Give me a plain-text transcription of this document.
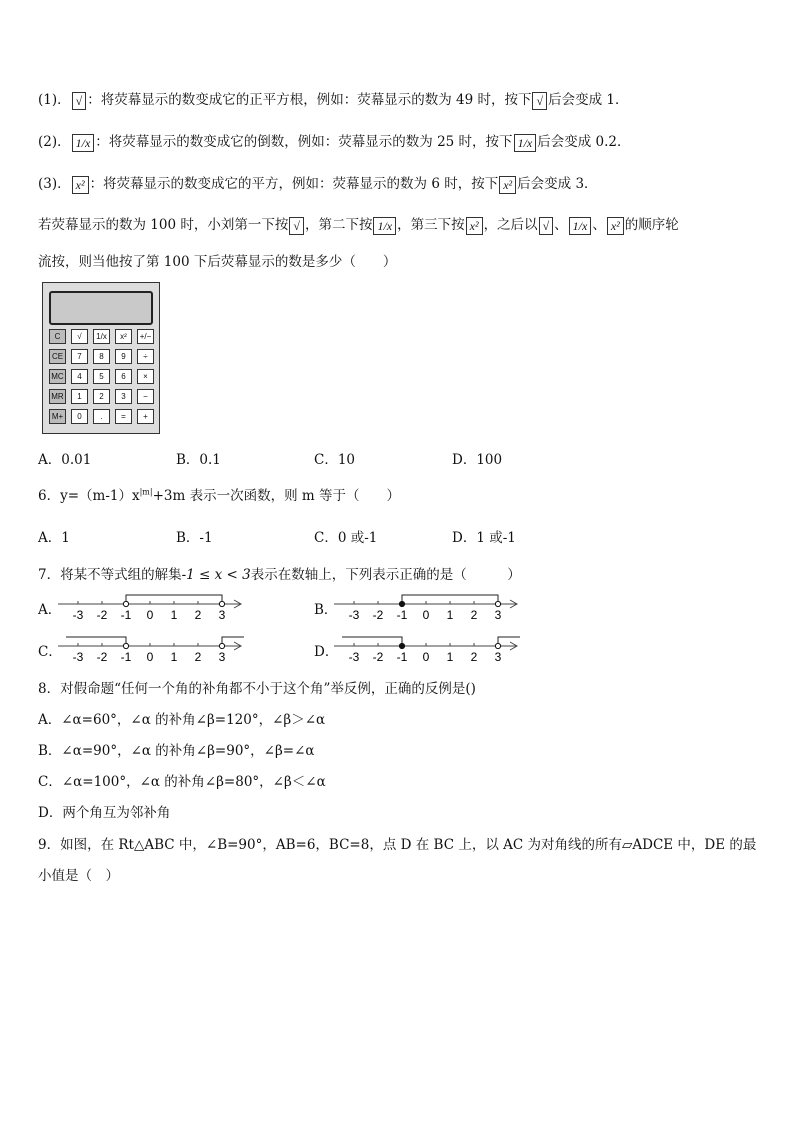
(1)． √ ：将荧幕显示的数变成它的正平方根，例如：荧幕显示的数为 49 时，按下 √ 后会变成 1．
(2)． 1/x ：将荧幕显示的数变成它的倒数，例如：荧幕显示的数为 25 时，按下 1/x 后会变成 0.2．
(3)． x² ：将荧幕显示的数变成它的平方，例如：荧幕显示的数为 6 时，按下 x² 后会变成 3．
若荧幕显示的数为 100 时，小刘第一下按 √ ，第二下按 1/x ，第三下按 x² ，之后以 √ 、 1/x 、 x² 的顺序轮
流按，则当他按了第 100 下后荧幕显示的数是多少（　　）
C	√	1/x	x²	+/−
CE	7	8	9	÷
MC	4	5	6	×
MR	1	2	3	−
M+	0	.	=	+
A．0.01	B．0.1	C．10	D．100
6．$y=(m-1)x^{|m|}+3m$ 表示一次函数，则 m 等于（　　）
A．1	B．-1	C．0 或-1	D．1 或-1
7．将某不等式组的解集-1 ≤ x < 3表示在数轴上，下列表示正确的是（　　　）
A．	B．
C．	D．
-3 -2 -1 0 1 2 3	-3 -2 -1 0 1 2 3
-3 -2 -1 0 1 2 3	-3 -2 -1 0 1 2 3
8．对假命题“任何一个角的补角都不小于这个角”举反例，正确的反例是()
A．∠α=60°，∠α 的补角∠β=120°，∠β＞∠α
B．∠α=90°，∠α 的补角∠β=90°，∠β=∠α
C．∠α=100°，∠α 的补角∠β=80°，∠β＜∠α
D．两个角互为邻补角
9．如图，在 Rt△ABC 中，∠B=90°，AB=6，BC=8，点 D 在 BC 上，以 AC 为对角线的所有▱ADCE 中，DE 的最
小值是（　）
